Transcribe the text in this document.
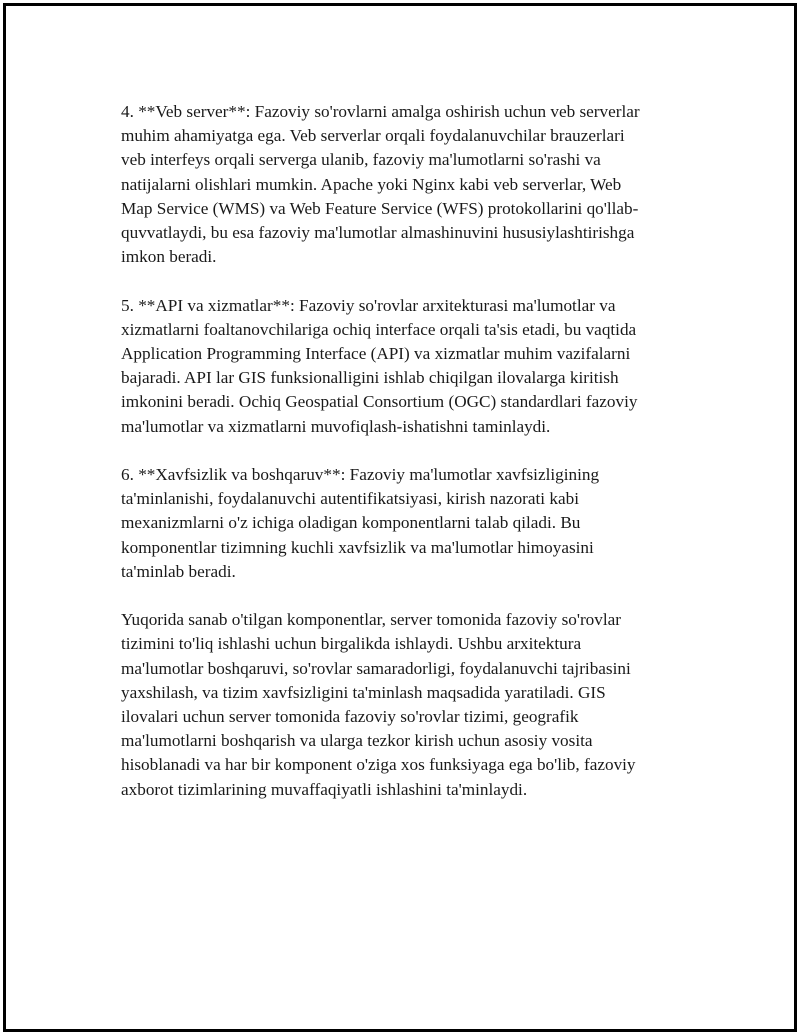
4. **Veb server**: Fazoviy so'rovlarni amalga oshirish uchun veb serverlar
muhim ahamiyatga ega. Veb serverlar orqali foydalanuvchilar brauzerlari
veb interfeys orqali serverga ulanib, fazoviy ma'lumotlarni so'rashi va
natijalarni olishlari mumkin. Apache yoki Nginx kabi veb serverlar, Web
Map Service (WMS) va Web Feature Service (WFS) protokollarini qo'llab-
quvvatlaydi, bu esa fazoviy ma'lumotlar almashinuvini hususiylashtirishga
imkon beradi.

5. **API va xizmatlar**: Fazoviy so'rovlar arxitekturasi ma'lumotlar va
xizmatlarni foaltanovchilariga ochiq interface orqali ta'sis etadi, bu vaqtida
Application Programming Interface (API) va xizmatlar muhim vazifalarni
bajaradi. API lar GIS funksionalligini ishlab chiqilgan ilovalarga kiritish
imkonini beradi. Ochiq Geospatial Consortium (OGC) standardlari fazoviy
ma'lumotlar va xizmatlarni muvofiqlash-ishatishni taminlaydi.

6. **Xavfsizlik va boshqaruv**: Fazoviy ma'lumotlar xavfsizligining
ta'minlanishi, foydalanuvchi autentifikatsiyasi, kirish nazorati kabi
mexanizmlarni o'z ichiga oladigan komponentlarni talab qiladi. Bu
komponentlar tizimning kuchli xavfsizlik va ma'lumotlar himoyasini
ta'minlab beradi.

Yuqorida sanab o'tilgan komponentlar, server tomonida fazoviy so'rovlar
tizimini to'liq ishlashi uchun birgalikda ishlaydi. Ushbu arxitektura
ma'lumotlar boshqaruvi, so'rovlar samaradorligi, foydalanuvchi tajribasini
yaxshilash, va tizim xavfsizligini ta'minlash maqsadida yaratiladi. GIS
ilovalari uchun server tomonida fazoviy so'rovlar tizimi, geografik
ma'lumotlarni boshqarish va ularga tezkor kirish uchun asosiy vosita
hisoblanadi va har bir komponent o'ziga xos funksiyaga ega bo'lib, fazoviy
axborot tizimlarining muvaffaqiyatli ishlashini ta'minlaydi.
